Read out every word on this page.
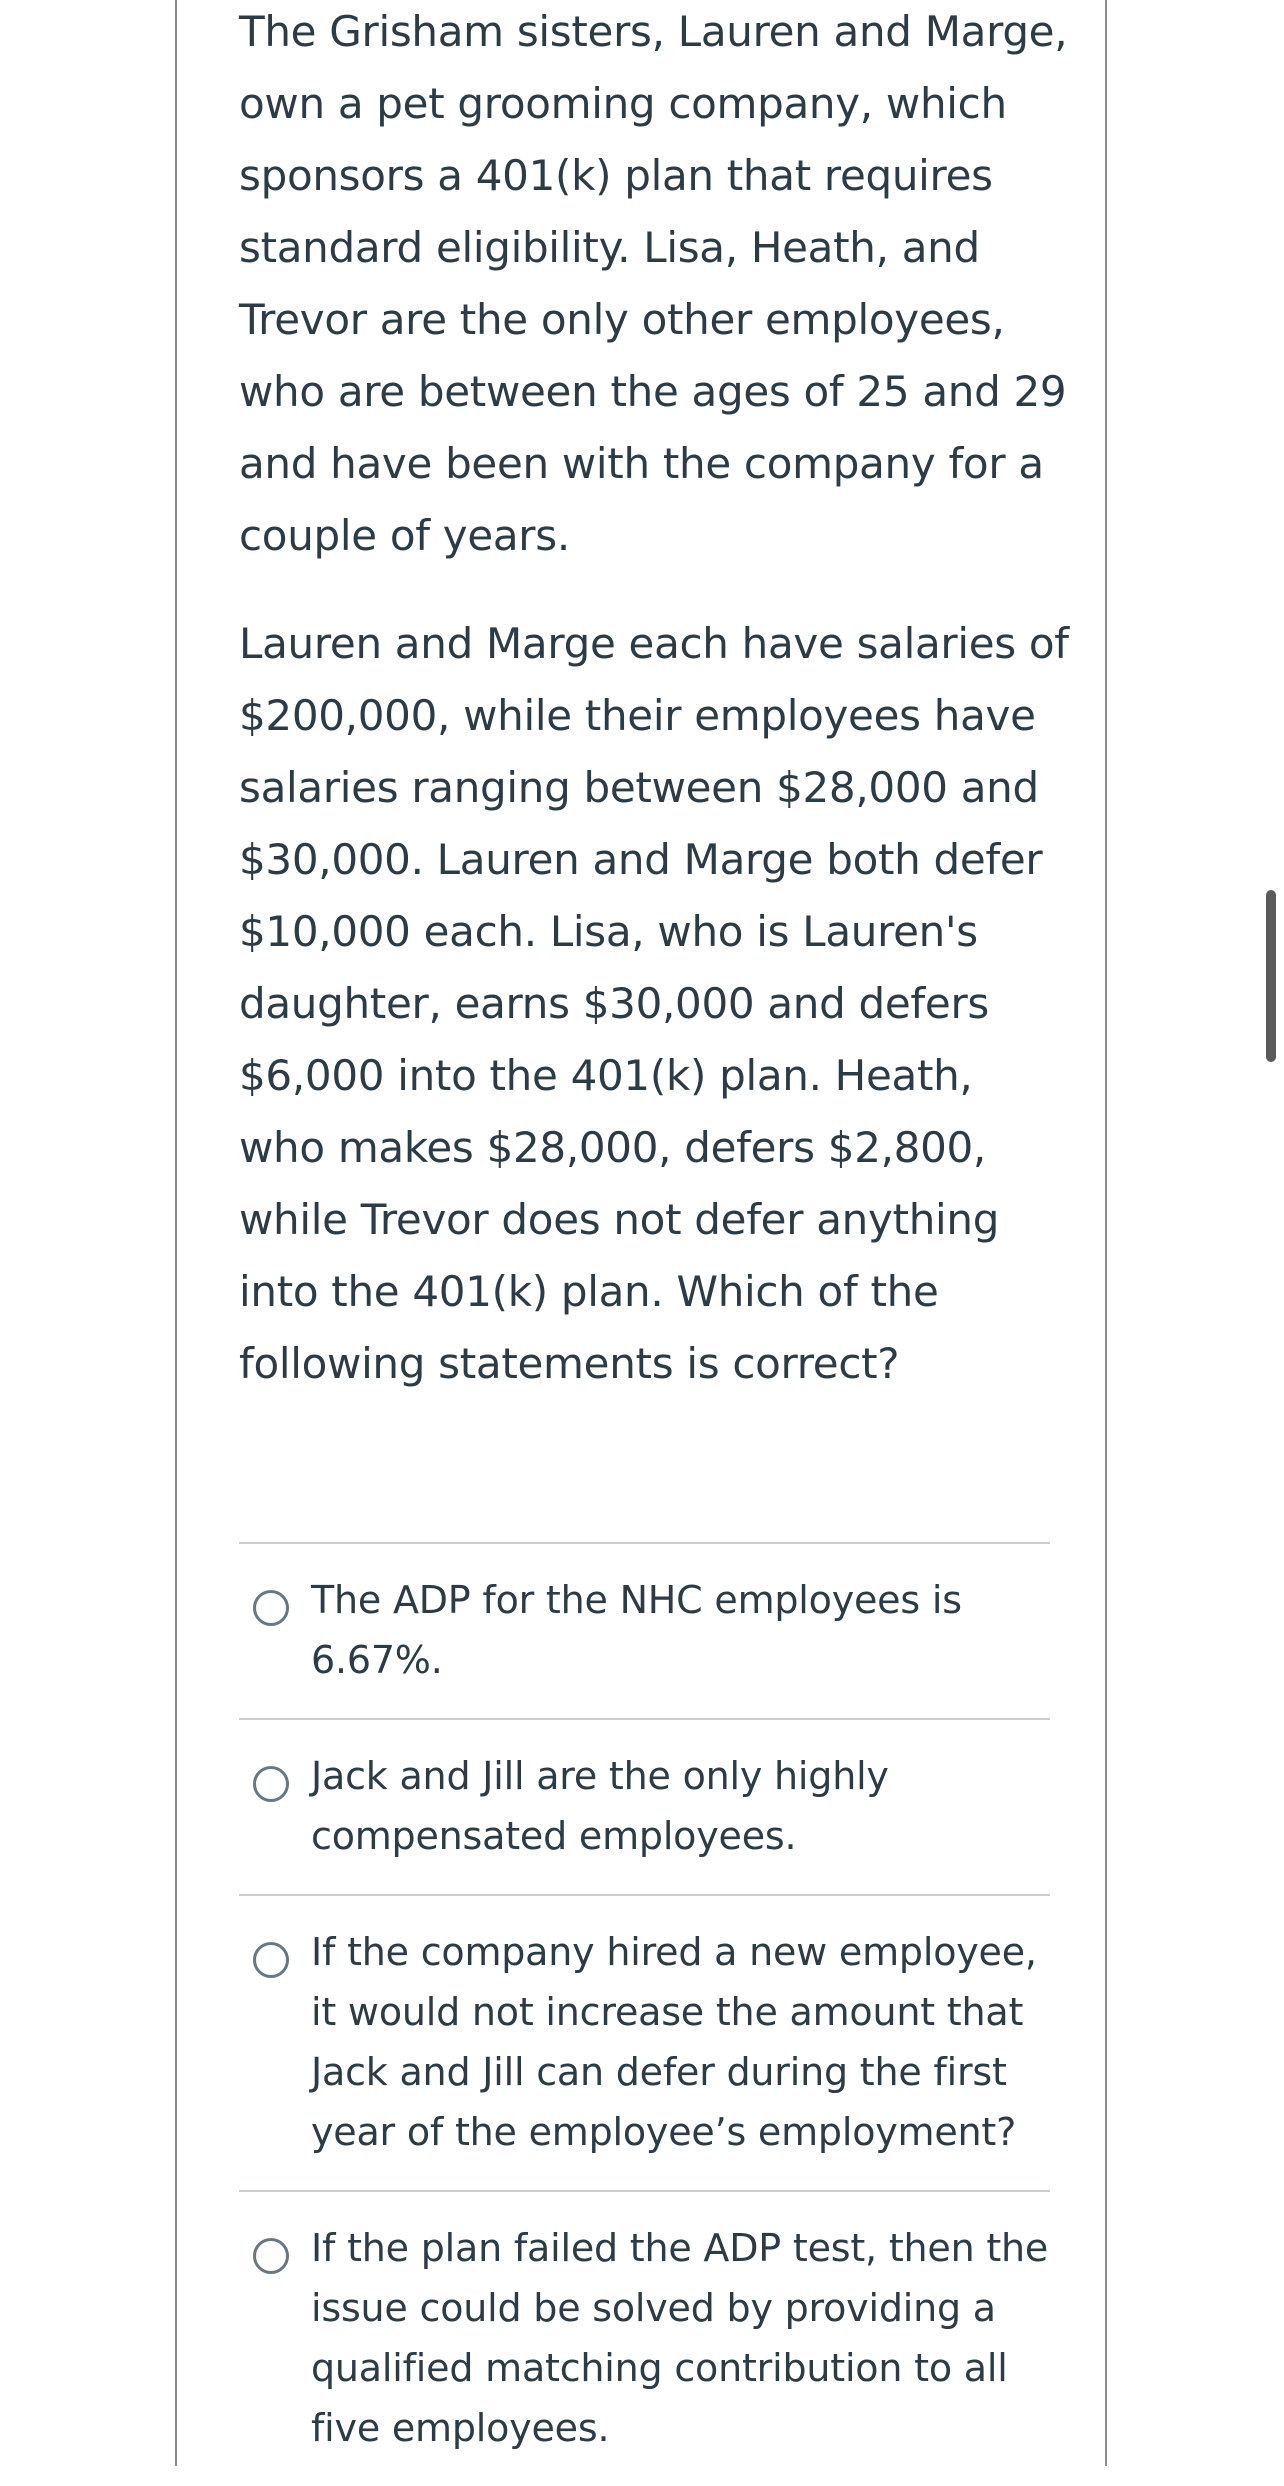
The Grisham sisters, Lauren and Marge, own a pet grooming company, which sponsors a 401(k) plan that requires standard eligibility. Lisa, Heath, and Trevor are the only other employees, who are between the ages of 25 and 29 and have been with the company for a couple of years.

Lauren and Marge each have salaries of $200,000, while their employees have salaries ranging between $28,000 and $30,000. Lauren and Marge both defer $10,000 each. Lisa, who is Lauren's daughter, earns $30,000 and defers $6,000 into the 401(k) plan. Heath, who makes $28,000, defers $2,800, while Trevor does not defer anything into the 401(k) plan. Which of the following statements is correct?

The ADP for the NHC employees is 6.67%.
Jack and Jill are the only highly compensated employees.
If the company hired a new employee, it would not increase the amount that Jack and Jill can defer during the first year of the employee’s employment?
If the plan failed the ADP test, then the issue could be solved by providing a qualified matching contribution to all five employees.
